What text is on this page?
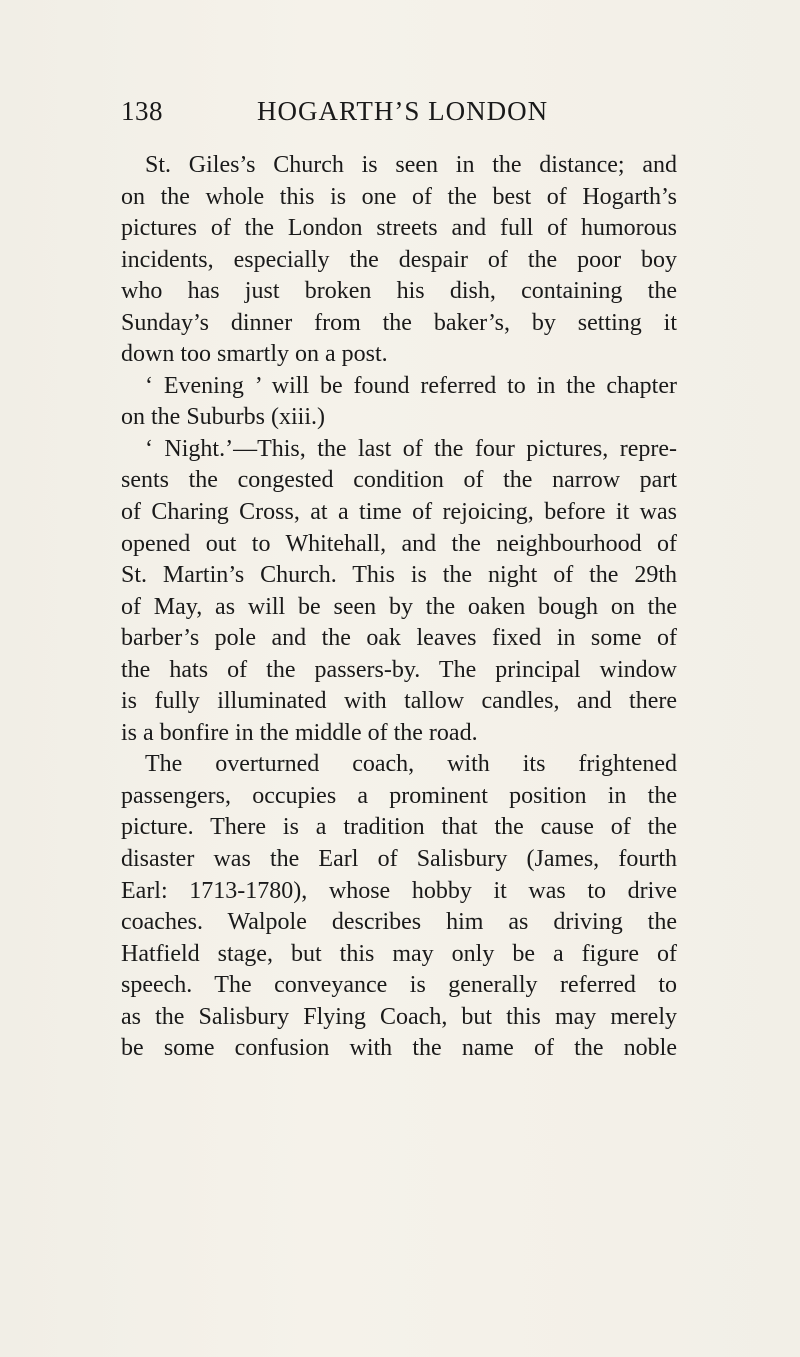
138	HOGARTH’S LONDON
St. Giles’s Church is seen in the distance; and
on the whole this is one of the best of Hogarth’s
pictures of the London streets and full of humorous
incidents, especially the despair of the poor boy
who has just broken his dish, containing the
Sunday’s dinner from the baker’s, by setting it
down too smartly on a post.
‘ Evening ’ will be found referred to in the chapter
on the Suburbs (xiii.)
‘ Night.’—This, the last of the four pictures, repre-
sents the congested condition of the narrow part
of Charing Cross, at a time of rejoicing, before it was
opened out to Whitehall, and the neighbourhood of
St. Martin’s Church. This is the night of the 29th
of May, as will be seen by the oaken bough on the
barber’s pole and the oak leaves fixed in some of
the hats of the passers-by. The principal window
is fully illuminated with tallow candles, and there
is a bonfire in the middle of the road.
The overturned coach, with its frightened
passengers, occupies a prominent position in the
picture. There is a tradition that the cause of the
disaster was the Earl of Salisbury (James, fourth
Earl: 1713-1780), whose hobby it was to drive
coaches. Walpole describes him as driving the
Hatfield stage, but this may only be a figure of
speech. The conveyance is generally referred to
as the Salisbury Flying Coach, but this may merely
be some confusion with the name of the noble
